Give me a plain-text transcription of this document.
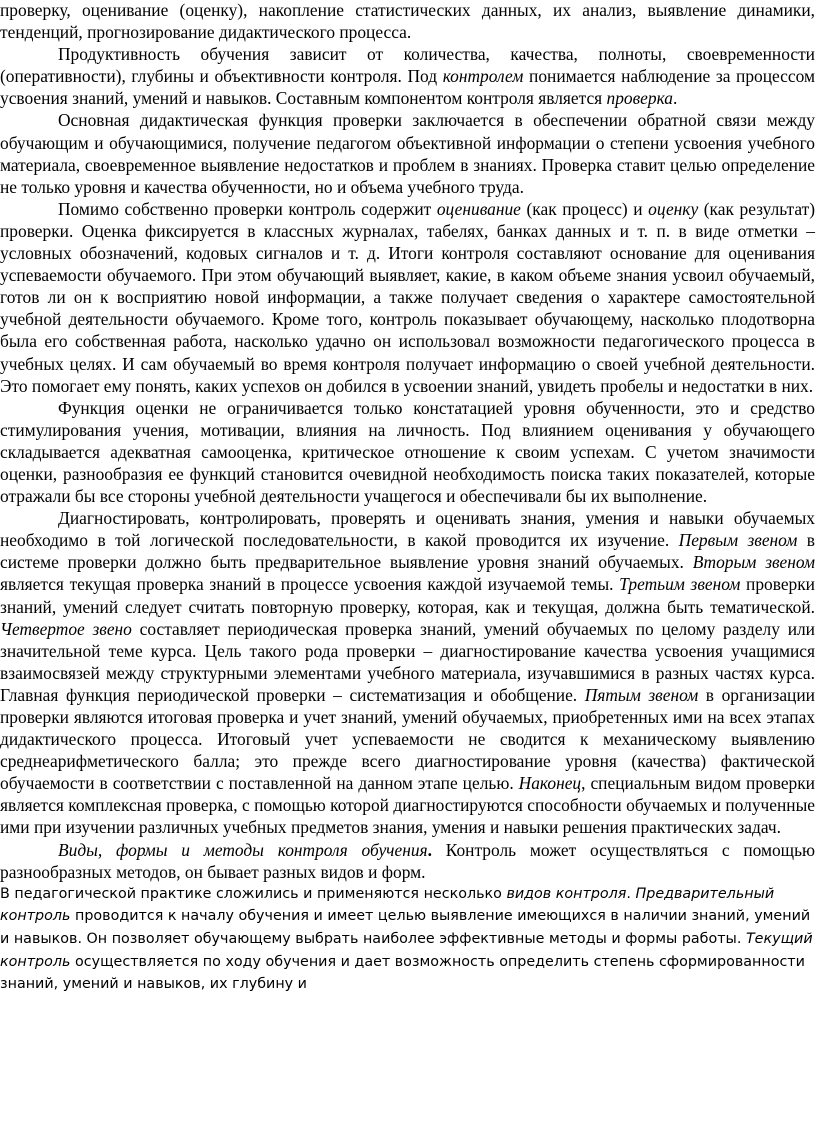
проверку, оценивание (оценку), накопление статистических данных, их анализ, выявление динамики, тенденций, прогнозирование дидактического процесса.

Продуктивность обучения зависит от количества, качества, полноты, своевременности (оперативности), глубины и объективности контроля. Под контролем понимается наблюдение за процессом усвоения знаний, умений и навыков. Составным компонентом контроля является проверка.

Основная дидактическая функция проверки заключается в обеспечении обратной связи между обучающим и обучающимися, получение педагогом объективной информации о степени усвоения учебного материала, своевременное выявление недостатков и проблем в знаниях. Проверка ставит целью определение не только уровня и качества обученности, но и объема учебного труда.

Помимо собственно проверки контроль содержит оценивание (как процесс) и оценку (как результат) проверки. Оценка фиксируется в классных журналах, табелях, банках данных и т. п. в виде отметки – условных обозначений, кодовых сигналов и т. д. Итоги контроля составляют основание для оценивания успеваемости обучаемого. При этом обучающий выявляет, какие, в каком объеме знания усвоил обучаемый, готов ли он к восприятию новой информации, а также получает сведения о характере самостоятельной учебной деятельности обучаемого. Кроме того, контроль показывает обучающему, насколько плодотворна была его собственная работа, насколько удачно он использовал возможности педагогического процесса в учебных целях. И сам обучаемый во время контроля получает информацию о своей учебной деятельности. Это помогает ему понять, каких успехов он добился в усвоении знаний, увидеть пробелы и недостатки в них.

Функция оценки не ограничивается только констатацией уровня обученности, это и средство стимулирования учения, мотивации, влияния на личность. Под влиянием оценивания у обучающего складывается адекватная самооценка, критическое отношение к своим успехам. С учетом значимости оценки, разнообразия ее функций становится очевидной необходимость поиска таких показателей, которые отражали бы все стороны учебной деятельности учащегося и обеспечивали бы их выполнение.

Диагностировать, контролировать, проверять и оценивать знания, умения и навыки обучаемых необходимо в той логической последовательности, в какой проводится их изучение. Первым звеном в системе проверки должно быть предварительное выявление уровня знаний обучаемых. Вторым звеном является текущая проверка знаний в процессе усвоения каждой изучаемой темы. Третьим звеном проверки знаний, умений следует считать повторную проверку, которая, как и текущая, должна быть тематической. Четвертое звено составляет периодическая проверка знаний, умений обучаемых по целому разделу или значительной теме курса. Цель такого рода проверки – диагностирование качества усвоения учащимися взаимосвязей между структурными элементами учебного материала, изучавшимися в разных частях курса. Главная функция периодической проверки – систематизация и обобщение. Пятым звеном в организации проверки являются итоговая проверка и учет знаний, умений обучаемых, приобретенных ими на всех этапах дидактического процесса. Итоговый учет успеваемости не сводится к механическому выявлению среднеарифметического балла; это прежде всего диагностирование уровня (качества) фактической обучаемости в соответствии с поставленной на данном этапе целью. Наконец, специальным видом проверки является комплексная проверка, с помощью которой диагностируются способности обучаемых и полученные ими при изучении различных учебных предметов знания, умения и навыки решения практических задач.

Виды, формы и методы контроля обучения. Контроль может осуществляться с помощью разнообразных методов, он бывает разных видов и форм.

В педагогической практике сложились и применяются несколько видов контроля. Предварительный контроль проводится к началу обучения и имеет целью выявление имеющихся в наличии знаний, умений и навыков. Он позволяет обучающему выбрать наиболее эффективные методы и формы работы. Текущий контроль осуществляется по ходу обучения и дает возможность определить степень сформированности знаний, умений и навыков, их глубину и
